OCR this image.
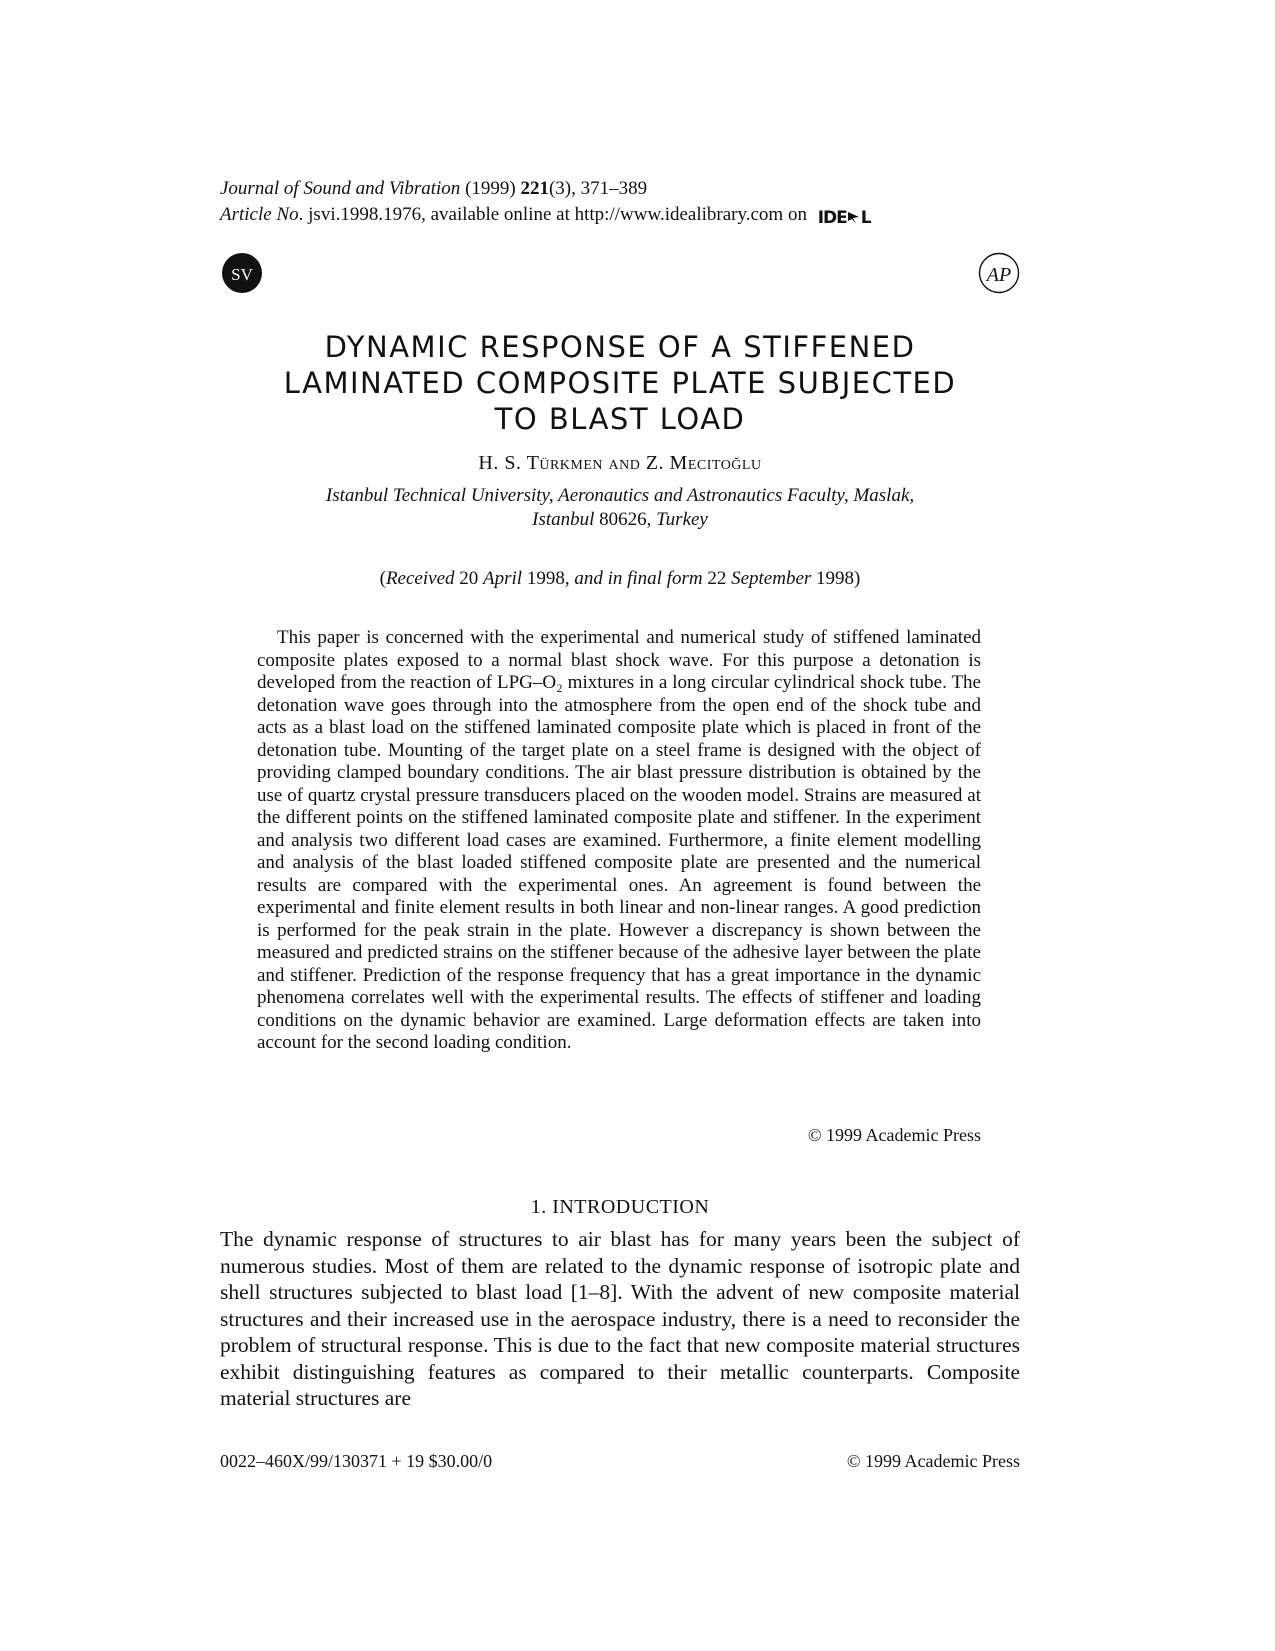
Journal of Sound and Vibration (1999) 221(3), 371–389
Article No. jsvi.1998.1976, available online at http://www.idealibrary.com on IDE L
SV	AP
DYNAMIC RESPONSE OF A STIFFENED
LAMINATED COMPOSITE PLATE SUBJECTED
TO BLAST LOAD
H. S. Türkmen and Z. Mecitoğlu
Istanbul Technical University, Aeronautics and Astronautics Faculty, Maslak,
Istanbul 80626, Turkey
(Received 20 April 1998, and in final form 22 September 1998)

This paper is concerned with the experimental and numerical study of stiffened laminated composite plates exposed to a normal blast shock wave. For this purpose a detonation is developed from the reaction of LPG–O₂ mixtures in a long circular cylindrical shock tube. The detonation wave goes through into the atmosphere from the open end of the shock tube and acts as a blast load on the stiffened laminated composite plate which is placed in front of the detonation tube. Mounting of the target plate on a steel frame is designed with the object of providing clamped boundary conditions. The air blast pressure distribution is obtained by the use of quartz crystal pressure transducers placed on the wooden model. Strains are measured at the different points on the stiffened laminated composite plate and stiffener. In the experiment and analysis two different load cases are examined. Furthermore, a finite element modelling and analysis of the blast loaded stiffened composite plate are presented and the numerical results are compared with the experimental ones. An agreement is found between the experimental and finite element results in both linear and non-linear ranges. A good prediction is performed for the peak strain in the plate. However a discrepancy is shown between the measured and predicted strains on the stiffener because of the adhesive layer between the plate and stiffener. Prediction of the response frequency that has a great importance in the dynamic phenomena correlates well with the experimental results. The effects of stiffener and loading conditions on the dynamic behavior are examined. Large deformation effects are taken into account for the second loading condition.

© 1999 Academic Press
1. INTRODUCTION

The dynamic response of structures to air blast has for many years been the subject of numerous studies. Most of them are related to the dynamic response of isotropic plate and shell structures subjected to blast load [1–8]. With the advent of new composite material structures and their increased use in the aerospace industry, there is a need to reconsider the problem of structural response. This is due to the fact that new composite material structures exhibit distinguishing features as compared to their metallic counterparts. Composite material structures are

0022–460X/99/130371 + 19 $30.00/0	© 1999 Academic Press
